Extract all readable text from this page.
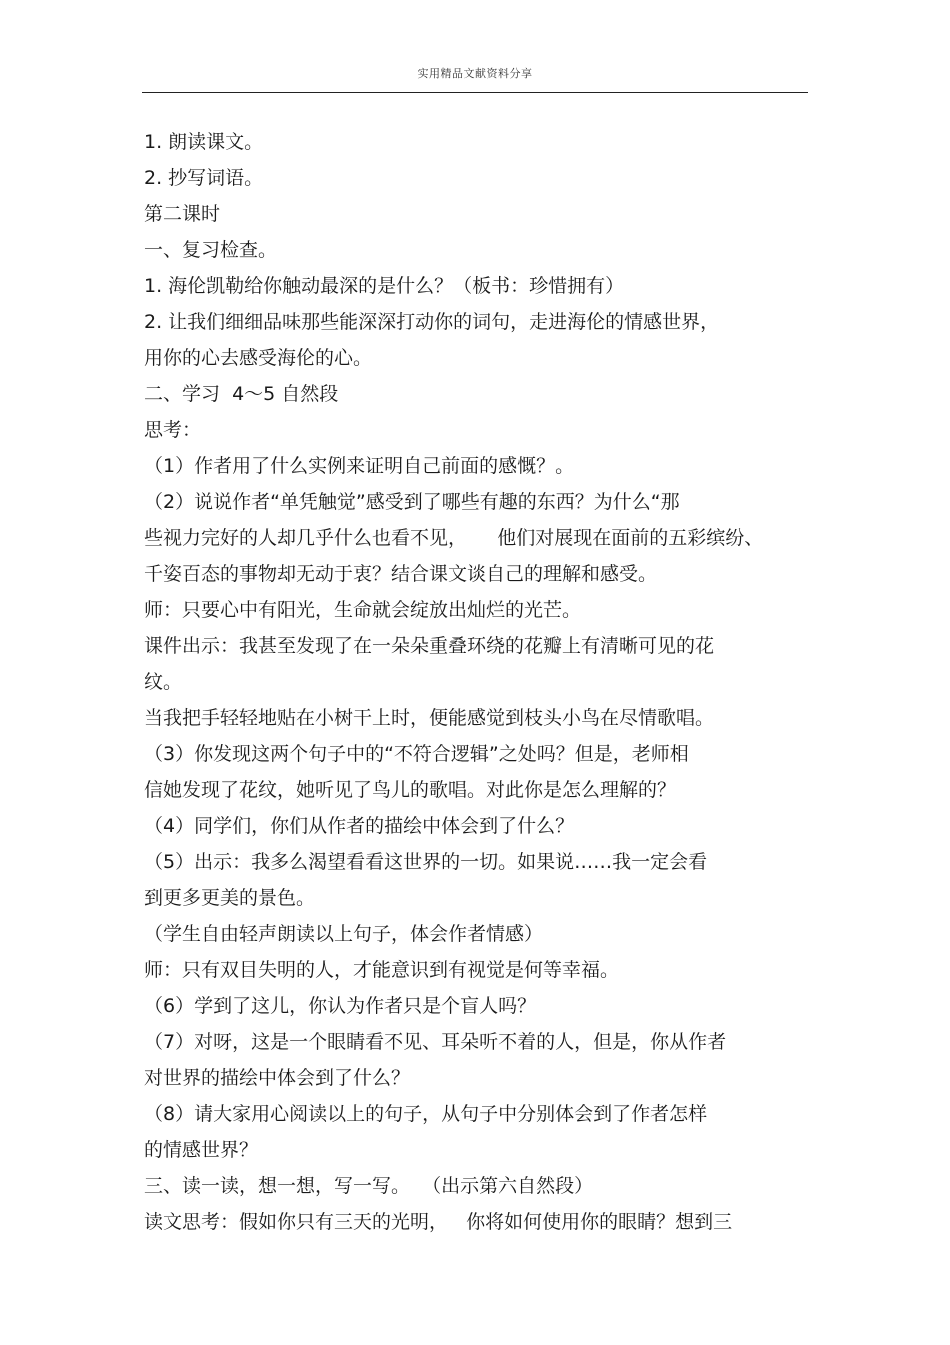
实用精品文献资料分享
1. 朗读课文。
2. 抄写词语。
第二课时
一、复习检查。
1. 海伦凯勒给你触动最深的是什么？（板书：珍惜拥有）
2. 让我们细细品味那些能深深打动你的词句，走进海伦的情感世界，
用你的心去感受海伦的心。
二、学习  4～5 自然段
思考：
（1）作者用了什么实例来证明自己前面的感慨？。
（2）说说作者“单凭触觉”感受到了哪些有趣的东西？为什么“那
些视力完好的人却几乎什么也看不见，     他们对展现在面前的五彩缤纷、
千姿百态的事物却无动于衷？结合课文谈自己的理解和感受。
师：只要心中有阳光，生命就会绽放出灿烂的光芒。
课件出示：我甚至发现了在一朵朵重叠环绕的花瓣上有清晰可见的花
纹。
当我把手轻轻地贴在小树干上时，便能感觉到枝头小鸟在尽情歌唱。
（3）你发现这两个句子中的“不符合逻辑”之处吗？但是，老师相
信她发现了花纹，她听见了鸟儿的歌唱。对此你是怎么理解的？
（4）同学们，你们从作者的描绘中体会到了什么？
（5）出示：我多么渴望看看这世界的一切。如果说……我一定会看
到更多更美的景色。
（学生自由轻声朗读以上句子，体会作者情感）
师：只有双目失明的人，才能意识到有视觉是何等幸福。
（6）学到了这儿，你认为作者只是个盲人吗？
（7）对呀，这是一个眼睛看不见、耳朵听不着的人，但是，你从作者
对世界的描绘中体会到了什么？
（8）请大家用心阅读以上的句子，从句子中分别体会到了作者怎样
的情感世界？
三、读一读，想一想，写一写。  （出示第六自然段）
读文思考：假如你只有三天的光明，   你将如何使用你的眼睛？想到三
